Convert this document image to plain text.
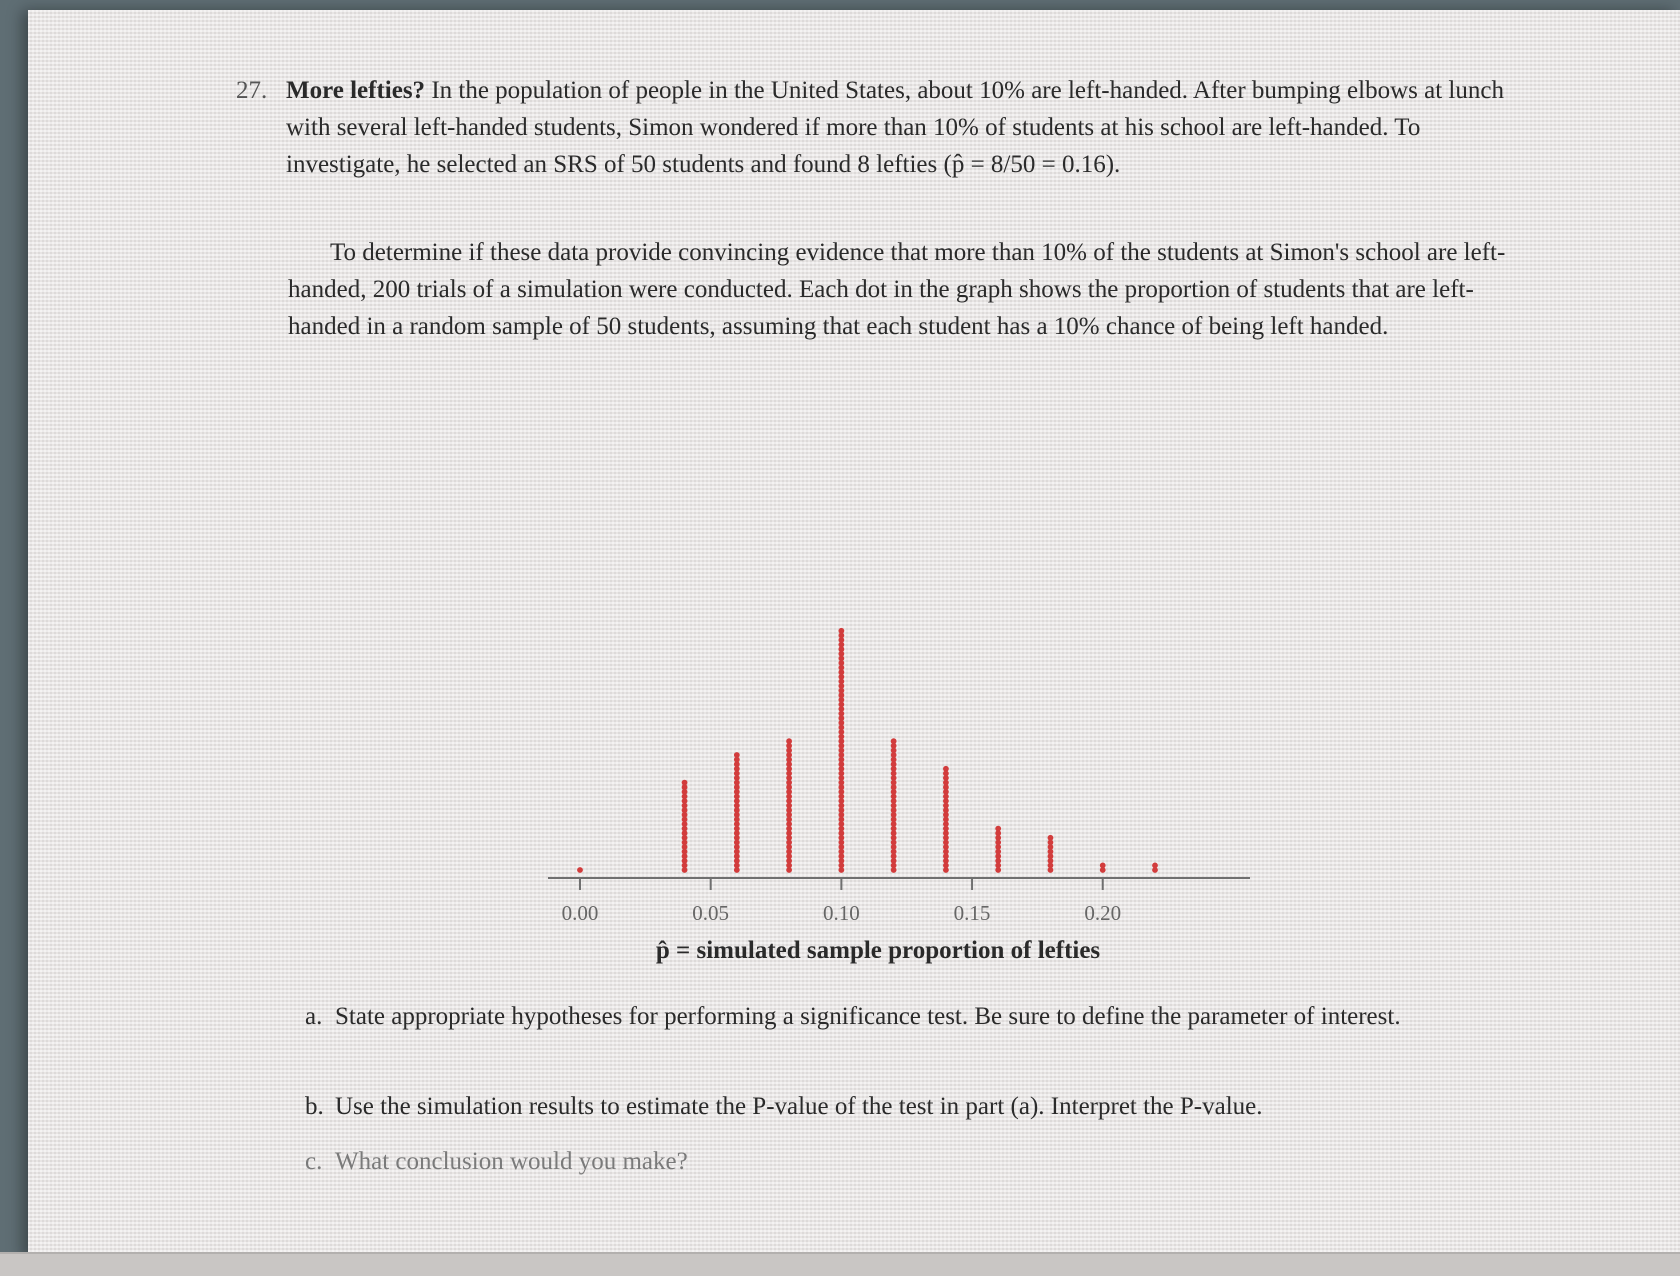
27. More lefties? In the population of people in the United States, about 10% are left-handed. After bumping elbows at lunch with several left-handed students, Simon wondered if more than 10% of students at his school are left-handed. To investigate, he selected an SRS of 50 students and found 8 lefties (p̂ = 8/50 = 0.16).
To determine if these data provide convincing evidence that more than 10% of the students at Simon's school are left-handed, 200 trials of a simulation were conducted. Each dot in the graph shows the proportion of students that are left-handed in a random sample of 50 students, assuming that each student has a 10% chance of being left handed.
0.00	0.05	0.10	0.15	0.20
p̂ = simulated sample proportion of lefties
a. State appropriate hypotheses for performing a significance test. Be sure to define the parameter of interest.
b. Use the simulation results to estimate the P-value of the test in part (a). Interpret the P-value.
c. What conclusion would you make?
